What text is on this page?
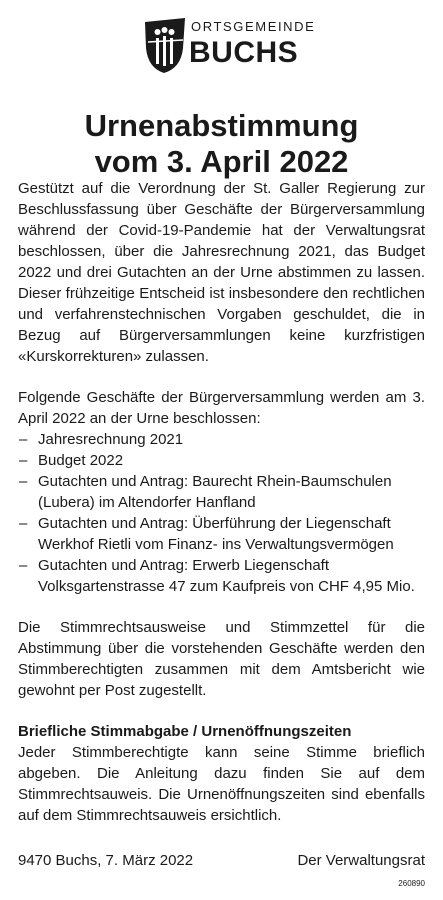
ORTSGEMEINDE
BUCHS
Urnenabstimmung
vom 3. April 2022

Gestützt auf die Verordnung der St. Galler Regierung zur Beschlussfassung über Geschäfte der Bürgerversammlung während der Covid-19-Pandemie hat der Verwaltungsrat beschlossen, über die Jahresrechnung 2021, das Budget 2022 und drei Gutachten an der Urne abstimmen zu lassen. Dieser frühzeitige Entscheid ist insbesondere den rechtlichen und verfahrenstechnischen Vorgaben geschuldet, die in Bezug auf Bürgerversammlungen keine kurzfristigen «Kurskorrekturen» zulassen.

Folgende Geschäfte der Bürgerversammlung werden am 3. April 2022 an der Urne beschlossen:

– Jahresrechnung 2021
– Budget 2022
– Gutachten und Antrag: Baurecht Rhein-Baumschulen (Lubera) im Altendorfer Hanfland
– Gutachten und Antrag: Überführung der Liegenschaft Werkhof Rietli vom Finanz- ins Verwaltungsvermögen
– Gutachten und Antrag: Erwerb Liegenschaft Volksgartenstrasse 47 zum Kaufpreis von CHF 4,95 Mio.

Die Stimmrechtsausweise und Stimmzettel für die Abstimmung über die vorstehenden Geschäfte werden den Stimmberechtigten zusammen mit dem Amtsbericht wie gewohnt per Post zugestellt.

Briefliche Stimmabgabe / Urnenöffnungszeiten

Jeder Stimmberechtigte kann seine Stimme brieflich abgeben. Die Anleitung dazu finden Sie auf dem Stimmrechtsauweis. Die Urnenöffnungszeiten sind ebenfalls auf dem Stimmrechtsauweis ersichtlich.

9470 Buchs, 7. März 2022	Der Verwaltungsrat
260890
